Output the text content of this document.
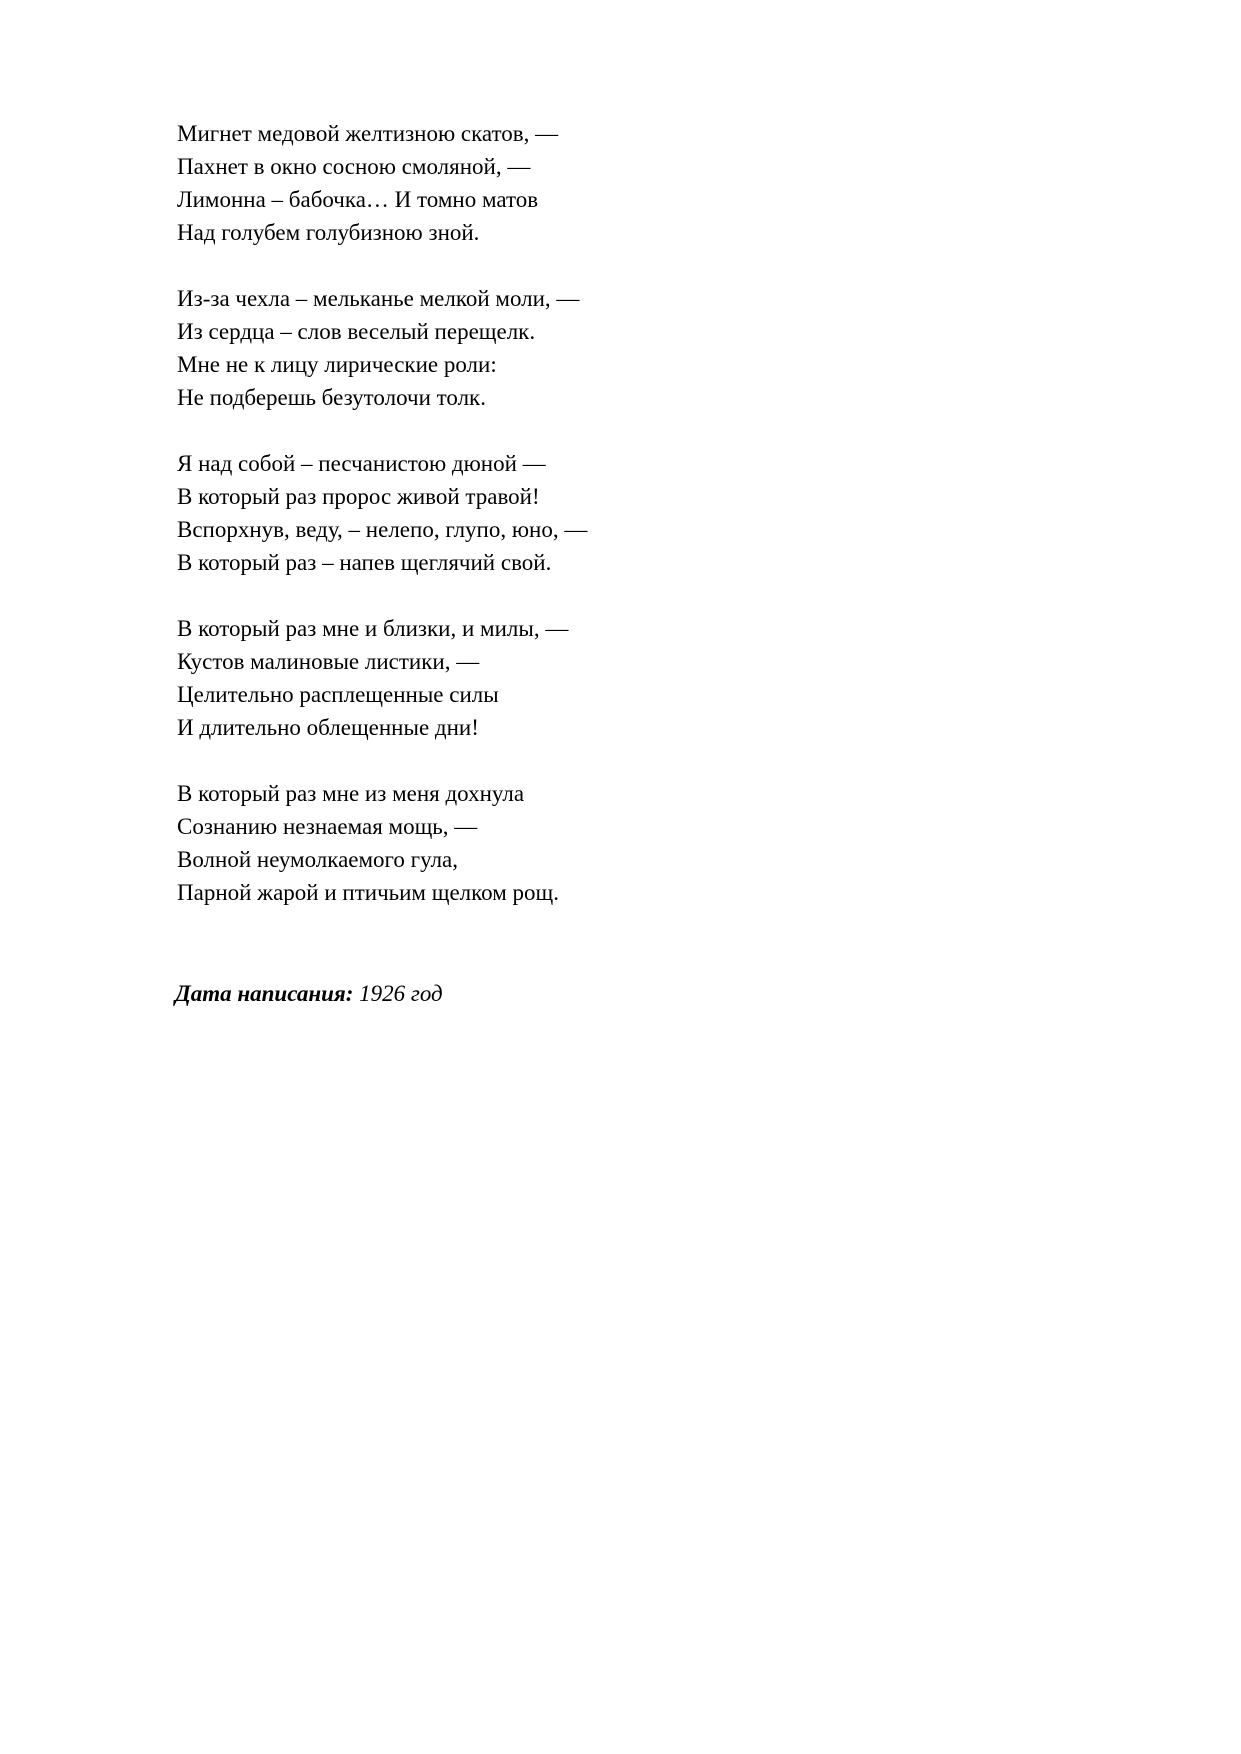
Мигнет медовой желтизною скатов, —
Пахнет в окно сосною смоляной, —
Лимонна – бабочка… И томно матов
Над голубем голубизною зной.
Из-за чехла – мельканье мелкой моли, —
Из сердца – слов веселый перещелк.
Мне не к лицу лирические роли:
Не подберешь безутолочи толк.
Я над собой – песчанистою дюной —
В который раз пророс живой травой!
Вспорхнув, веду, – нелепо, глупо, юно, —
В который раз – напев щеглячий свой.
В который раз мне и близки, и милы, —
Кустов малиновые листики, —
Целительно расплещенные силы
И длительно облещенные дни!
В который раз мне из меня дохнула
Сознанию незнаемая мощь, —
Волной неумолкаемого гула,
Парной жарой и птичьим щелком рощ.
Дата написания: 1926 год
